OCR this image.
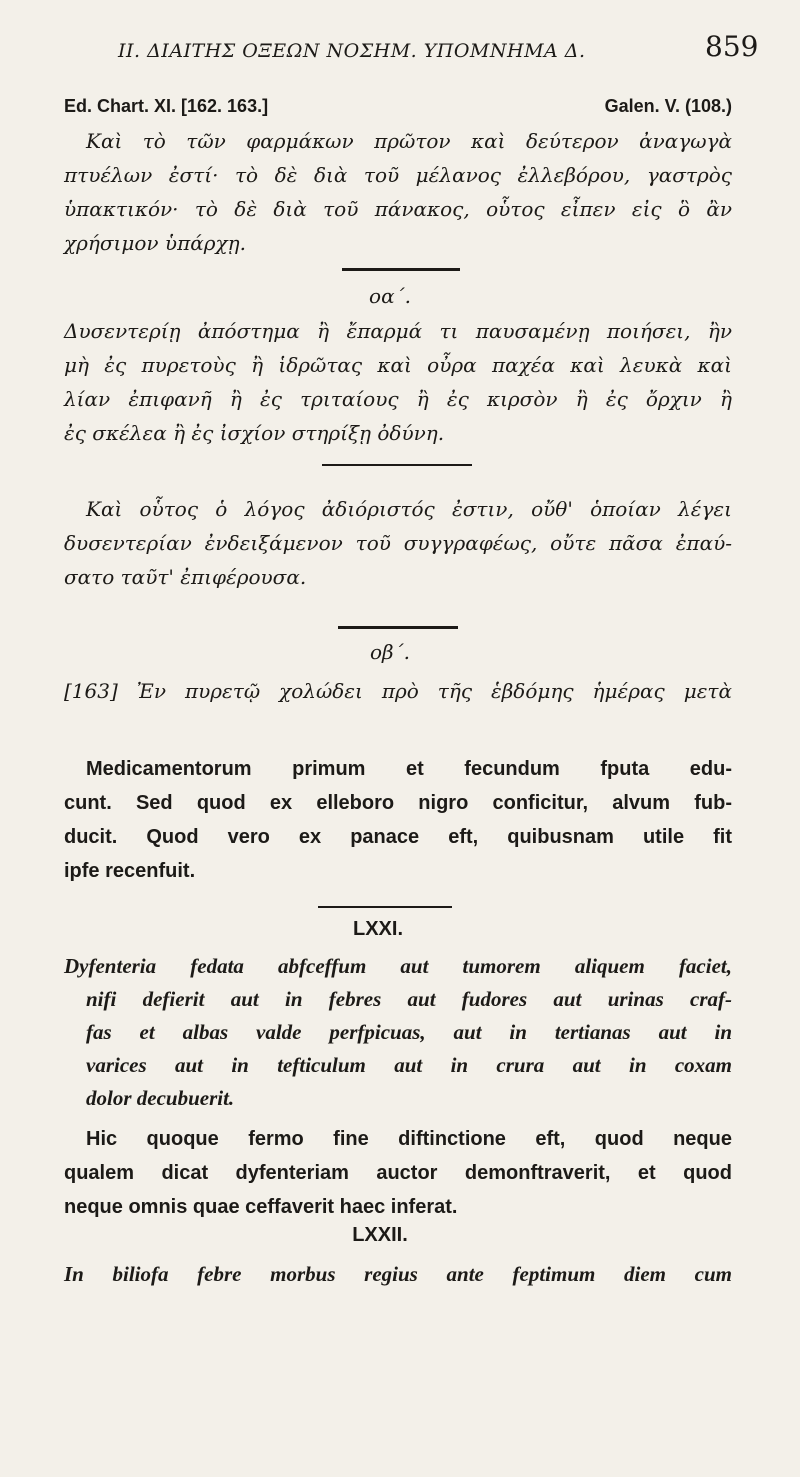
ΙΙ. ΔΙΑΙΤΗΣ ΟΞΕΩΝ ΝΟΣΗΜ. ΥΠΟΜΝΗΜΑ Δ.	859
Ed. Chart. XI. [162. 163.]	Galen. V. (108.)
Καὶ τὸ τῶν φαρμάκων πρῶτον καὶ δεύτερον ἀναγωγὰ
πτυέλων ἐστί· τὸ δὲ διὰ τοῦ μέλανος ἐλλεβόρου, γαστρὸς
ὑπακτικόν· τὸ δὲ διὰ τοῦ πάνακος, οὗτος εἶπεν εἰς ὃ ἂν
χρήσιμον ὑπάρχῃ.
οα΄.
Δυσεντερίῃ ἀπόστημα ἢ ἔπαρμά τι παυσαμένῃ ποιήσει, ἢν
μὴ ἐς πυρετοὺς ἢ ἱδρῶτας καὶ οὖρα παχέα καὶ λευκὰ καὶ
λίαν ἐπιφανῆ ἢ ἐς τριταίους ἢ ἐς κιρσὸν ἢ ἐς ὄρχιν ἢ
ἐς σκέλεα ἢ ἐς ἰσχίον στηρίξῃ ὀδύνη.
Καὶ οὗτος ὁ λόγος ἀδιόριστός ἐστιν, οὔθ' ὁποίαν λέγει
δυσεντερίαν ἐνδειξάμενον τοῦ συγγραφέως, οὔτε πᾶσα ἐπαύ-
σατο ταῦτ' ἐπιφέρουσα.
οβ΄.
[163] Ἐν πυρετῷ χολώδει πρὸ τῆς ἑβδόμης ἡμέρας μετὰ
Medicamentorum primum et fecundum fputa edu-
cunt. Sed quod ex elleboro nigro conficitur, alvum fub-
ducit. Quod vero ex panace eft, quibusnam utile fit
ipfe recenfuit.
LXXI.
Dyfenteria fedata abfceffum aut tumorem aliquem faciet,
nifi defierit aut in febres aut fudores aut urinas craf-
fas et albas valde perfpicuas, aut in tertianas aut in
varices aut in tefticulum aut in crura aut in coxam
dolor decubuerit.
Hic quoque fermo fine diftinctione eft, quod neque
qualem dicat dyfenteriam auctor demonftraverit, et quod
neque omnis quae ceffaverit haec inferat.
LXXII.
In biliofa febre morbus regius ante feptimum diem cum
